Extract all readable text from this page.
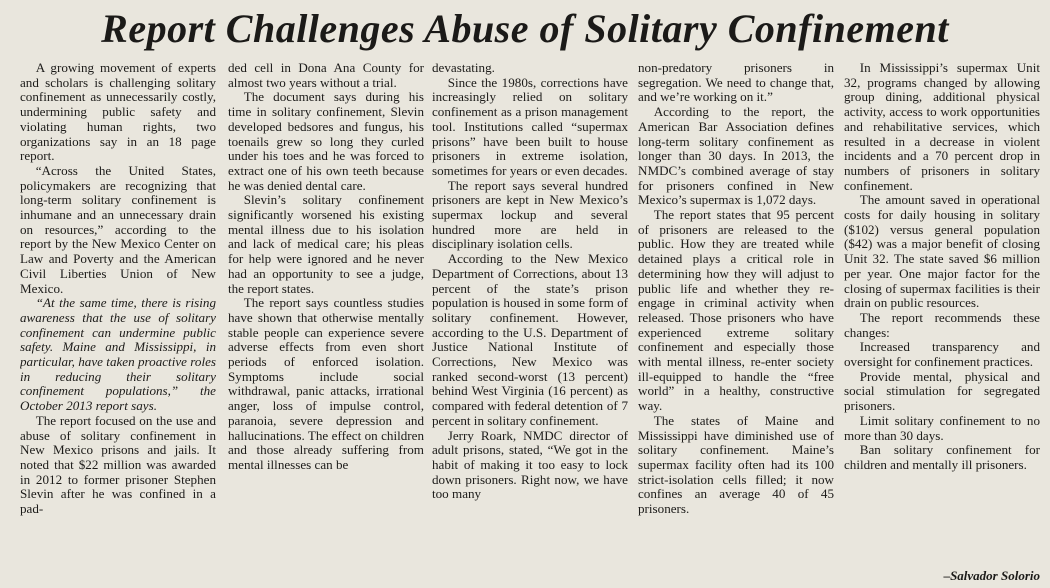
Report Challenges Abuse of Solitary Confinement

A growing movement of experts and scholars is challenging solitary confinement as unnecessarily costly, undermining public safety and violating human rights, two organizations say in an 18 page report.

“Across the United States, policymakers are recognizing that long-term solitary confinement is inhumane and an unnecessary drain on resources,” according to the report by the New Mexico Center on Law and Poverty and the American Civil Liberties Union of New Mexico.

“At the same time, there is rising awareness that the use of solitary confinement can undermine public safety. Maine and Mississippi, in particular, have taken proactive roles in reducing their solitary confinement populations,” the October 2013 report says.

The report focused on the use and abuse of solitary confinement in New Mexico prisons and jails. It noted that $22 million was awarded in 2012 to former prisoner Stephen Slevin after he was confined in a pad-

ded cell in Dona Ana County for almost two years without a trial.

The document says during his time in solitary confinement, Slevin developed bedsores and fungus, his toenails grew so long they curled under his toes and he was forced to extract one of his own teeth because he was denied dental care.

Slevin’s solitary confinement significantly worsened his existing mental illness due to his isolation and lack of medical care; his pleas for help were ignored and he never had an opportunity to see a judge, the report states.

The report says countless studies have shown that otherwise mentally stable people can experience severe adverse effects from even short periods of enforced isolation. Symptoms include social withdrawal, panic attacks, irrational anger, loss of impulse control, paranoia, severe depression and hallucinations. The effect on children and those already suffering from mental illnesses can be

devastating.

Since the 1980s, corrections have increasingly relied on solitary confinement as a prison management tool. Institutions called “supermax prisons” have been built to house prisoners in extreme isolation, sometimes for years or even decades.

The report says several hundred prisoners are kept in New Mexico’s supermax lockup and several hundred more are held in disciplinary isolation cells.

According to the New Mexico Department of Corrections, about 13 percent of the state’s prison population is housed in some form of solitary confinement. However, according to the U.S. Department of Justice National Institute of Corrections, New Mexico was ranked second-worst (13 percent) behind West Virginia (16 percent) as compared with federal detention of 7 percent in solitary confinement.

Jerry Roark, NMDC director of adult prisons, stated, “We got in the habit of making it too easy to lock down prisoners. Right now, we have too many

non-predatory prisoners in segregation. We need to change that, and we’re working on it.”

According to the report, the American Bar Association defines long-term solitary confinement as longer than 30 days. In 2013, the NMDC’s combined average of stay for prisoners confined in New Mexico’s supermax is 1,072 days.

The report states that 95 percent of prisoners are released to the public. How they are treated while detained plays a critical role in determining how they will adjust to public life and whether they re-engage in criminal activity when released. Those prisoners who have experienced extreme solitary confinement and especially those with mental illness, re-enter society ill-equipped to handle the “free world” in a healthy, constructive way.

The states of Maine and Mississippi have diminished use of solitary confinement. Maine’s supermax facility often had its 100 strict-isolation cells filled; it now confines an average 40 of 45 prisoners.

In Mississippi’s supermax Unit 32, programs changed by allowing group dining, additional physical activity, access to work opportunities and rehabilitative services, which resulted in a decrease in violent incidents and a 70 percent drop in numbers of prisoners in solitary confinement.

The amount saved in operational costs for daily housing in solitary ($102) versus general population ($42) was a major benefit of closing Unit 32. The state saved $6 million per year. One major factor for the closing of supermax facilities is their drain on public resources.

The report recommends these changes:

Increased transparency and oversight for confinement practices.

Provide mental, physical and social stimulation for segregated prisoners.

Limit solitary confinement to no more than 30 days.

Ban solitary confinement for children and mentally ill prisoners.

–Salvador Solorio
